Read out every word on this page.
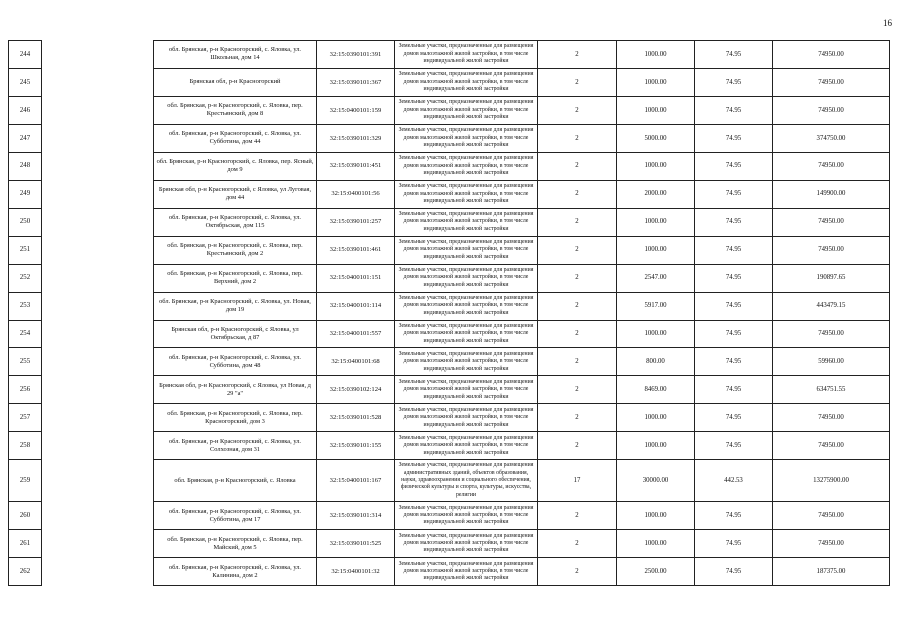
16
244		обл. Брянская, р-н Красногорский, с. Яловка, ул. Школьная, дом 14	32:15:0390101:391	Земельные участки, предназначенные для размещения домов малоэтажной жилой застройки, в том числе индивидуальной жилой застройки	2	1000.00	74.95	74950.00
245		Брянская обл, р-н Красногорский	32:15:0390101:367	Земельные участки, предназначенные для размещения домов малоэтажной жилой застройки, в том числе индивидуальной жилой застройки	2	1000.00	74.95	74950.00
246		обл. Брянская, р-н Красногорский, с. Яловка, пер. Крестьянский, дом 8	32:15:0400101:159	Земельные участки, предназначенные для размещения домов малоэтажной жилой застройки, в том числе индивидуальной жилой застройки	2	1000.00	74.95	74950.00
247		обл. Брянская, р-н Красногорский, с. Яловка, ул. Субботина, дом 44	32:15:0390101:329	Земельные участки, предназначенные для размещения домов малоэтажной жилой застройки, в том числе индивидуальной жилой застройки	2	5000.00	74.95	374750.00
248		обл. Брянская, р-н Красногорский, с. Яловка, пер. Ясный, дом 9	32:15:0390101:451	Земельные участки, предназначенные для размещения домов малоэтажной жилой застройки, в том числе индивидуальной жилой застройки	2	1000.00	74.95	74950.00
249		Брянская обл, р-н Красногорский, с Яловка, ул Луговая, дом 44	32:15:0400101:56	Земельные участки, предназначенные для размещения домов малоэтажной жилой застройки, в том числе индивидуальной жилой застройки	2	2000.00	74.95	149900.00
250		обл. Брянская, р-н Красногорский, с. Яловка, ул. Октябрьская, дом 115	32:15:0390101:257	Земельные участки, предназначенные для размещения домов малоэтажной жилой застройки, в том числе индивидуальной жилой застройки	2	1000.00	74.95	74950.00
251		обл. Брянская, р-н Красногорский, с. Яловка, пер. Крестьянский, дом 2	32:15:0390101:461	Земельные участки, предназначенные для размещения домов малоэтажной жилой застройки, в том числе индивидуальной жилой застройки	2	1000.00	74.95	74950.00
252		обл. Брянская, р-н Красногорский, с. Яловка, пер. Верхний, дом 2	32:15:0400101:151	Земельные участки, предназначенные для размещения домов малоэтажной жилой застройки, в том числе индивидуальной жилой застройки	2	2547.00	74.95	190897.65
253		обл. Брянская, р-н Красногорский, с. Яловка, ул. Новая, дом 19	32:15:0400101:114	Земельные участки, предназначенные для размещения домов малоэтажной жилой застройки, в том числе индивидуальной жилой застройки	2	5917.00	74.95	443479.15
254		Брянская обл, р-н Красногорский, с Яловка, ул Октябрьская, д 87	32:15:0400101:557	Земельные участки, предназначенные для размещения домов малоэтажной жилой застройки, в том числе индивидуальной жилой застройки	2	1000.00	74.95	74950.00
255		обл. Брянская, р-н Красногорский, с. Яловка, ул. Субботина, дом 48	32:15:0400101:68	Земельные участки, предназначенные для размещения домов малоэтажной жилой застройки, в том числе индивидуальной жилой застройки	2	800.00	74.95	59960.00
256		Брянская обл, р-н Красногорский, с Яловка, ул Новая, д 29 "а"	32:15:0390102:124	Земельные участки, предназначенные для размещения домов малоэтажной жилой застройки, в том числе индивидуальной жилой застройки	2	8469.00	74.95	634751.55
257		обл. Брянская, р-н Красногорский, с. Яловка, пер. Красногорский, дом 3	32:15:0390101:528	Земельные участки, предназначенные для размещения домов малоэтажной жилой застройки, в том числе индивидуальной жилой застройки	2	1000.00	74.95	74950.00
258		обл. Брянская, р-н Красногорский, с. Яловка, ул. Солхозная, дом 31	32:15:0390101:155	Земельные участки, предназначенные для размещения домов малоэтажной жилой застройки, в том числе индивидуальной жилой застройки	2	1000.00	74.95	74950.00
259		обл. Брянская, р-н Красногорский, с. Яловка	32:15:0400101:167	Земельные участки, предназначенные для размещения административных зданий, объектов образования, науки, здравоохранения и социального обеспечения, физической культуры и спорта, культуры, искусства, религии	17	30000.00	442.53	13275900.00
260		обл. Брянская, р-н Красногорский, с. Яловка, ул. Субботина, дом 17	32:15:0390101:314	Земельные участки, предназначенные для размещения домов малоэтажной жилой застройки, в том числе индивидуальной жилой застройки	2	1000.00	74.95	74950.00
261		обл. Брянская, р-н Красногорский, с. Яловка, пер. Майский, дом 5	32:15:0390101:525	Земельные участки, предназначенные для размещения домов малоэтажной жилой застройки, в том числе индивидуальной жилой застройки	2	1000.00	74.95	74950.00
262		обл. Брянская, р-н Красногорский, с. Яловка, ул. Калинина, дом 2	32:15:0400101:32	Земельные участки, предназначенные для размещения домов малоэтажной жилой застройки, в том числе индивидуальной жилой застройки	2	2500.00	74.95	187375.00
